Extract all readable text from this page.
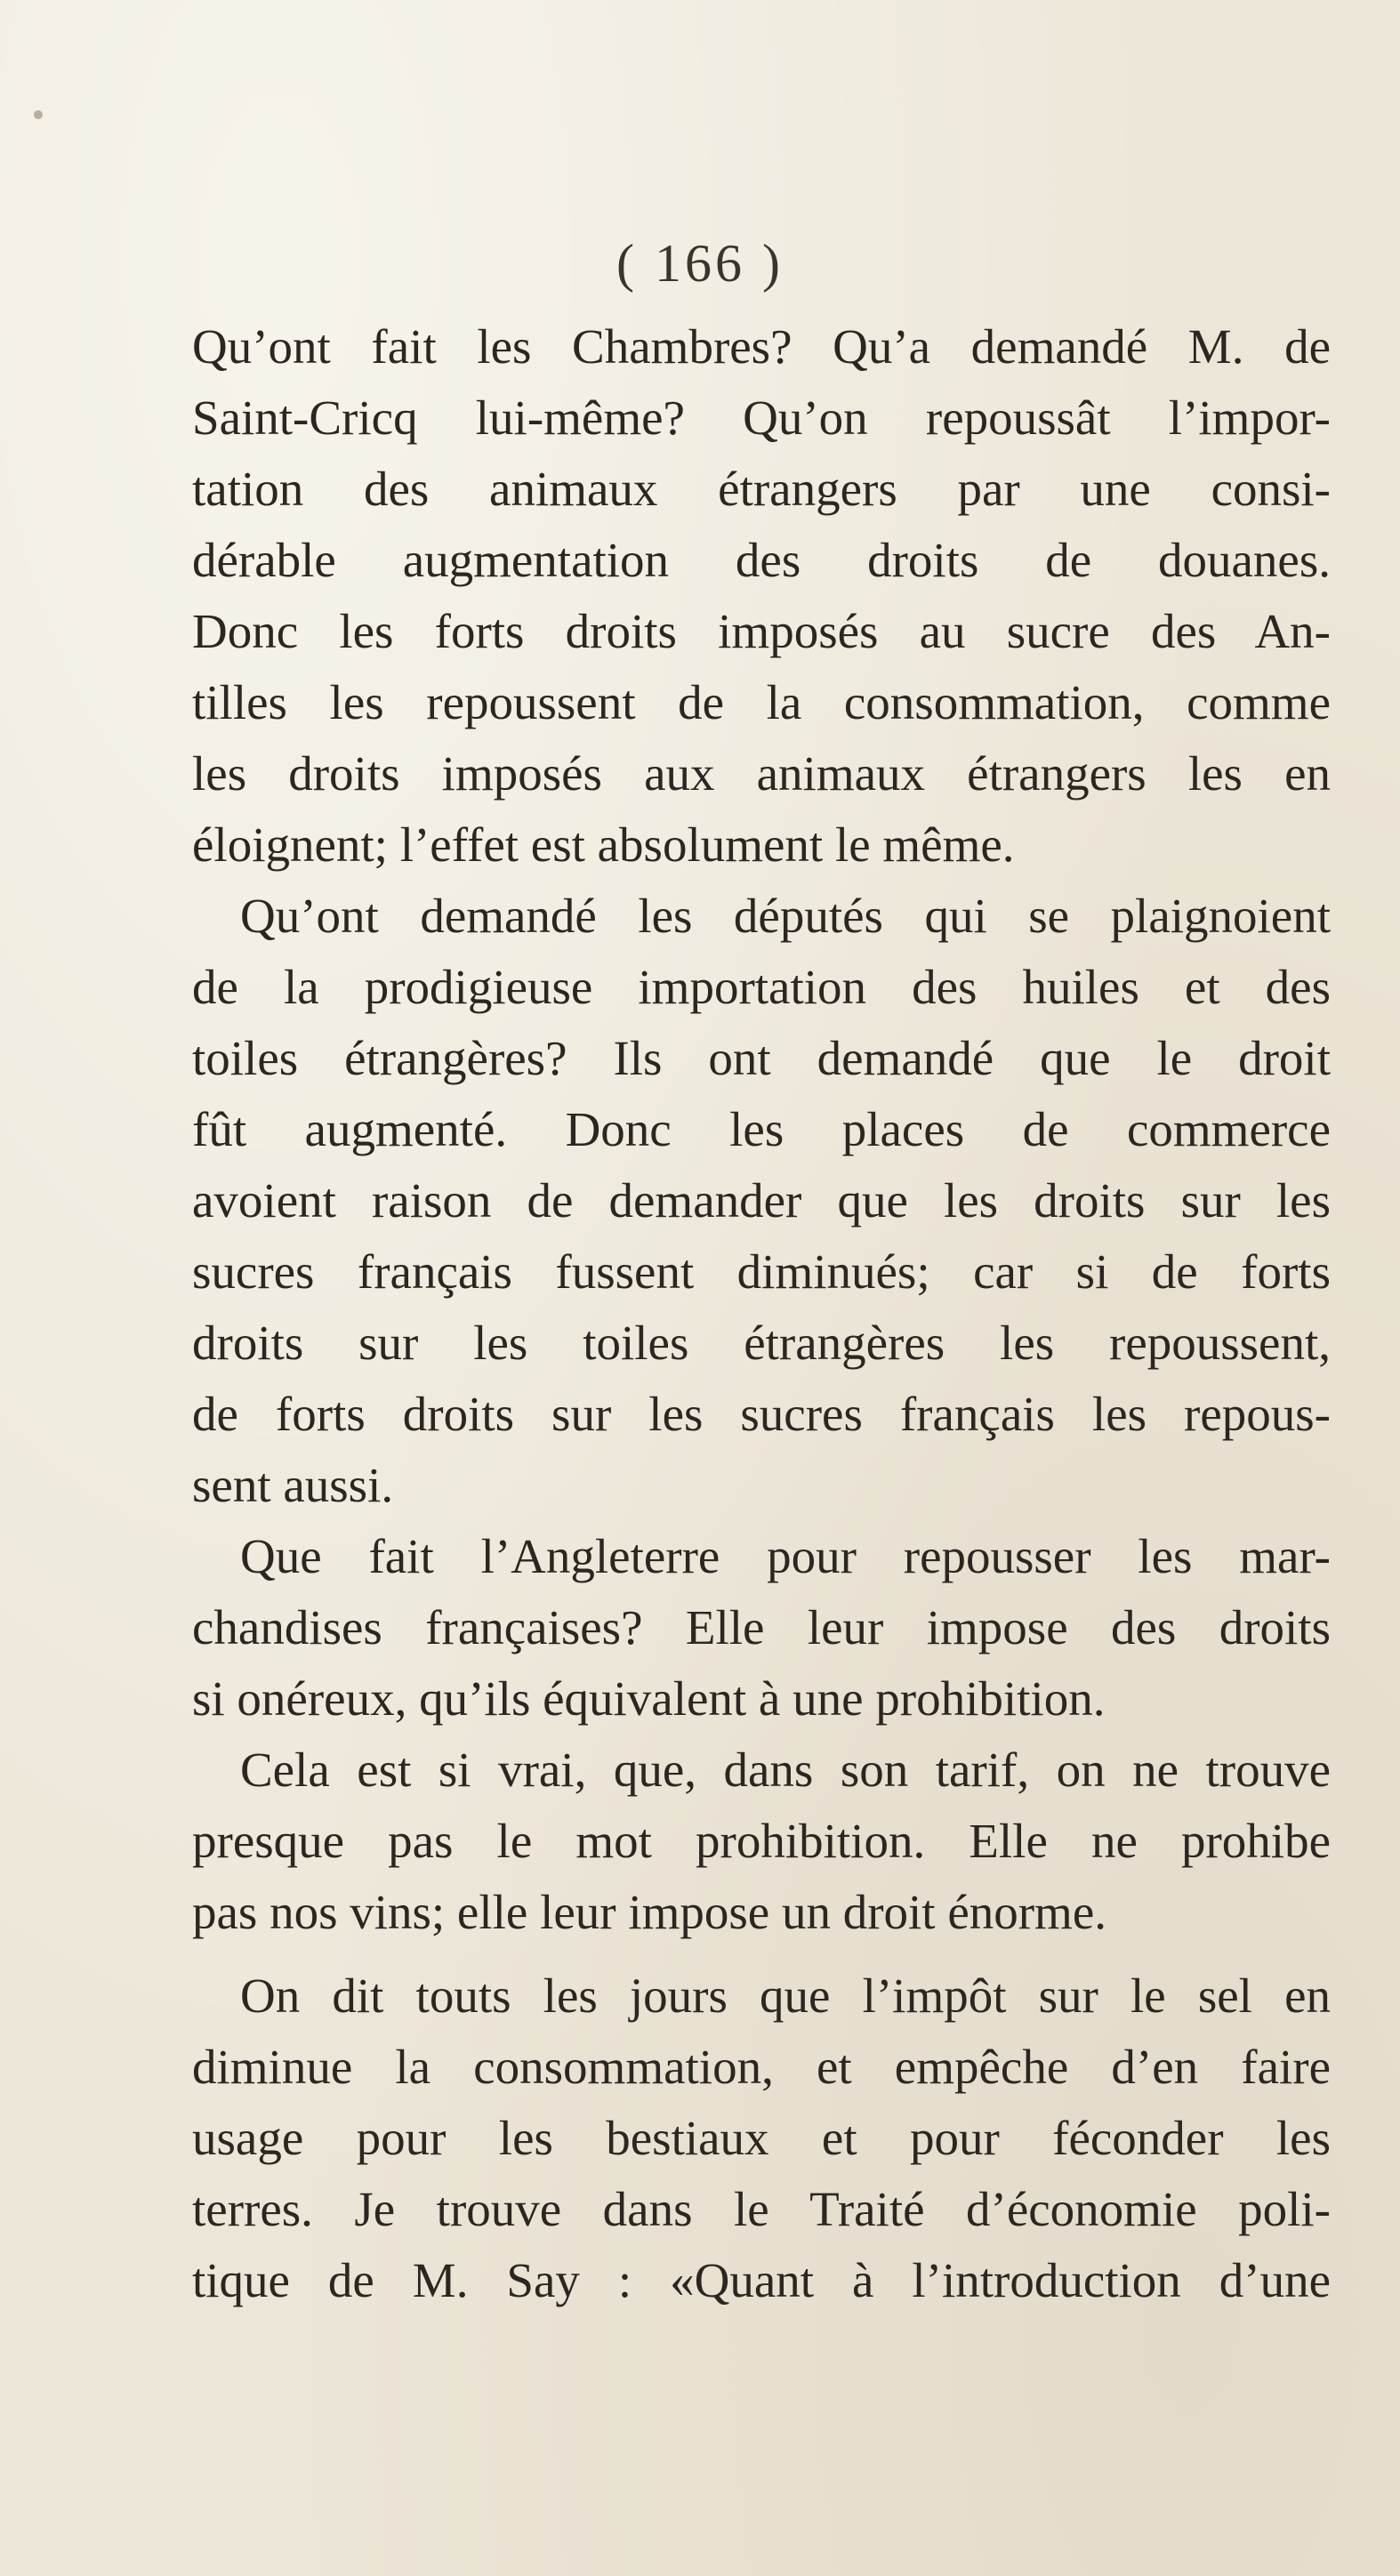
( 166 )
Qu’ont fait les Chambres? Qu’a demandé M. de
Saint-Cricq lui-même? Qu’on repoussât l’impor-
tation des animaux étrangers par une consi-
dérable augmentation des droits de douanes.
Donc les forts droits imposés au sucre des An-
tilles les repoussent de la consommation, comme
les droits imposés aux animaux étrangers les en
éloignent; l’effet est absolument le même.
Qu’ont demandé les députés qui se plaignoient
de la prodigieuse importation des huiles et des
toiles étrangères? Ils ont demandé que le droit
fût augmenté. Donc les places de commerce
avoient raison de demander que les droits sur les
sucres français fussent diminués; car si de forts
droits sur les toiles étrangères les repoussent,
de forts droits sur les sucres français les repous-
sent aussi.
Que fait l’Angleterre pour repousser les mar-
chandises françaises? Elle leur impose des droits
si onéreux, qu’ils équivalent à une prohibition.
Cela est si vrai, que, dans son tarif, on ne trouve
presque pas le mot prohibition. Elle ne prohibe
pas nos vins; elle leur impose un droit énorme.
On dit touts les jours que l’impôt sur le sel en
diminue la consommation, et empêche d’en faire
usage pour les bestiaux et pour féconder les
terres. Je trouve dans le Traité d’économie poli-
tique de M. Say : «Quant à l’introduction d’une
